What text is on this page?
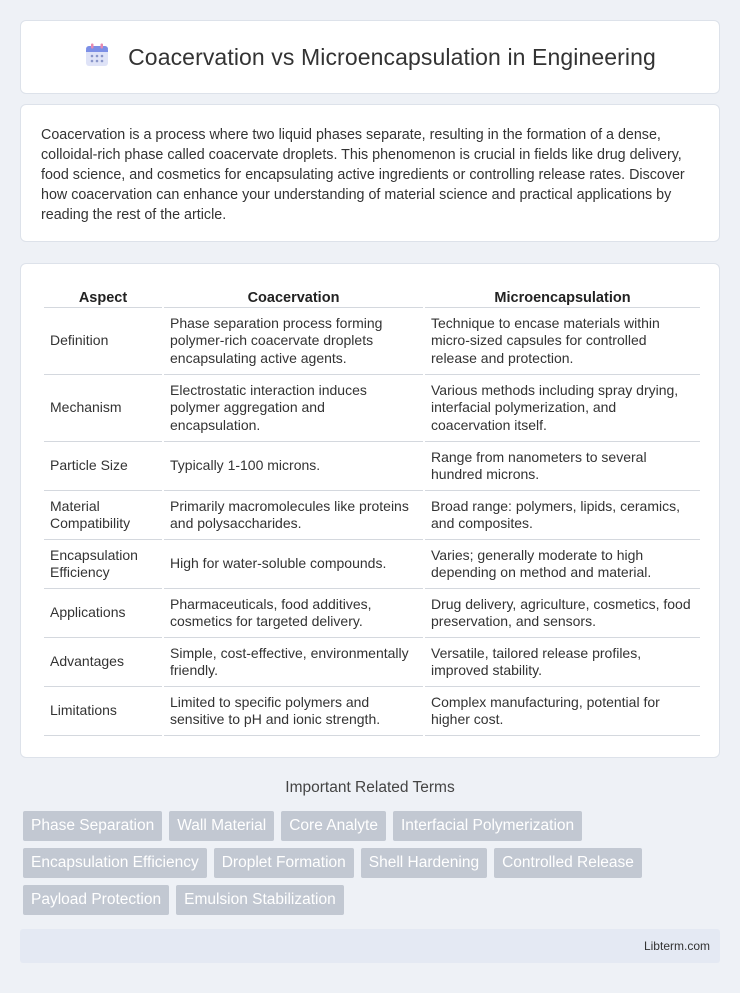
Coacervation vs Microencapsulation in Engineering

Coacervation is a process where two liquid phases separate, resulting in the formation of a dense, colloidal-rich phase called coacervate droplets. This phenomenon is crucial in fields like drug delivery, food science, and cosmetics for encapsulating active ingredients or controlling release rates. Discover how coacervation can enhance your understanding of material science and practical applications by reading the rest of the article.

Aspect	Coacervation	Microencapsulation
Definition	Phase separation process forming polymer-rich coacervate droplets encapsulating active agents.	Technique to encase materials within micro-sized capsules for controlled release and protection.
Mechanism	Electrostatic interaction induces polymer aggregation and encapsulation.	Various methods including spray drying, interfacial polymerization, and coacervation itself.
Particle Size	Typically 1-100 microns.	Range from nanometers to several hundred microns.
Material Compatibility	Primarily macromolecules like proteins and polysaccharides.	Broad range: polymers, lipids, ceramics, and composites.
Encapsulation Efficiency	High for water-soluble compounds.	Varies; generally moderate to high depending on method and material.
Applications	Pharmaceuticals, food additives, cosmetics for targeted delivery.	Drug delivery, agriculture, cosmetics, food preservation, and sensors.
Advantages	Simple, cost-effective, environmentally friendly.	Versatile, tailored release profiles, improved stability.
Limitations	Limited to specific polymers and sensitive to pH and ionic strength.	Complex manufacturing, potential for higher cost.
Important Related Terms
Phase Separation	Wall Material	Core Analyte	Interfacial Polymerization
Encapsulation Efficiency	Droplet Formation	Shell Hardening	Controlled Release
Payload Protection	Emulsion Stabilization
Libterm.com
